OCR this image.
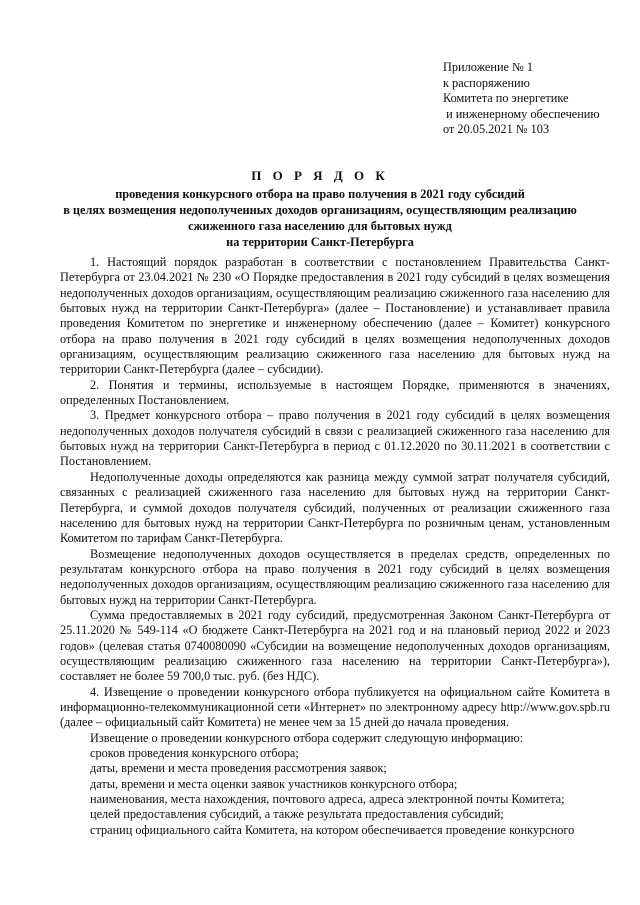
Приложение № 1
к распоряжению
Комитета по энергетике
и инженерному обеспечению
от 20.05.2021 № 103
П О Р Я Д О К
проведения конкурсного отбора на право получения в 2021 году субсидий
в целях возмещения недополученных доходов организациям, осуществляющим реализацию
сжиженного газа населению для бытовых нужд
на территории Санкт-Петербурга

1. Настоящий порядок разработан в соответствии с постановлением Правительства Санкт-Петербурга от 23.04.2021 № 230 «О Порядке предоставления в 2021 году субсидий в целях возмещения недополученных доходов организациям, осуществляющим реализацию сжиженного газа населению для бытовых нужд на территории Санкт-Петербурга» (далее – Постановление) и устанавливает правила проведения Комитетом по энергетике и инженерному обеспечению (далее – Комитет) конкурсного отбора на право получения в 2021 году субсидий в целях возмещения недополученных доходов организациям, осуществляющим реализацию сжиженного газа населению для бытовых нужд на территории Санкт-Петербурга (далее – субсидии).

2. Понятия и термины, используемые в настоящем Порядке, применяются в значениях, определенных Постановлением.

3. Предмет конкурсного отбора – право получения в 2021 году субсидий в целях возмещения недополученных доходов получателя субсидий в связи с реализацией сжиженного газа населению для бытовых нужд на территории Санкт-Петербурга в период с 01.12.2020 по 30.11.2021 в соответствии с Постановлением.

Недополученные доходы определяются как разница между суммой затрат получателя субсидий, связанных с реализацией сжиженного газа населению для бытовых нужд на территории Санкт-Петербурга, и суммой доходов получателя субсидий, полученных от реализации сжиженного газа населению для бытовых нужд на территории Санкт-Петербурга по розничным ценам, установленным Комитетом по тарифам Санкт-Петербурга.

Возмещение недополученных доходов осуществляется в пределах средств, определенных по результатам конкурсного отбора на право получения в 2021 году субсидий в целях возмещения недополученных доходов организациям, осуществляющим реализацию сжиженного газа населению для бытовых нужд на территории Санкт-Петербурга.

Сумма предоставляемых в 2021 году субсидий, предусмотренная Законом Санкт-Петербурга от 25.11.2020 № 549-114 «О бюджете Санкт-Петербурга на 2021 год и на плановый период 2022 и 2023 годов» (целевая статья 0740080090 «Субсидии на возмещение недополученных доходов организациям, осуществляющим реализацию сжиженного газа населению на территории Санкт-Петербурга»), составляет не более 59 700,0 тыс. руб. (без НДС).

4. Извещение о проведении конкурсного отбора публикуется на официальном сайте Комитета в информационно-телекоммуникационной сети «Интернет» по электронному адресу http://www.gov.spb.ru (далее – официальный сайт Комитета) не менее чем за 15 дней до начала проведения.

Извещение о проведении конкурсного отбора содержит следующую информацию:

сроков проведения конкурсного отбора;

даты, времени и места проведения рассмотрения заявок;

даты, времени и места оценки заявок участников конкурсного отбора;

наименования, места нахождения, почтового адреса, адреса электронной почты Комитета;

целей предоставления субсидий, а также результата предоставления субсидий;

страниц официального сайта Комитета, на котором обеспечивается проведение конкурсного
